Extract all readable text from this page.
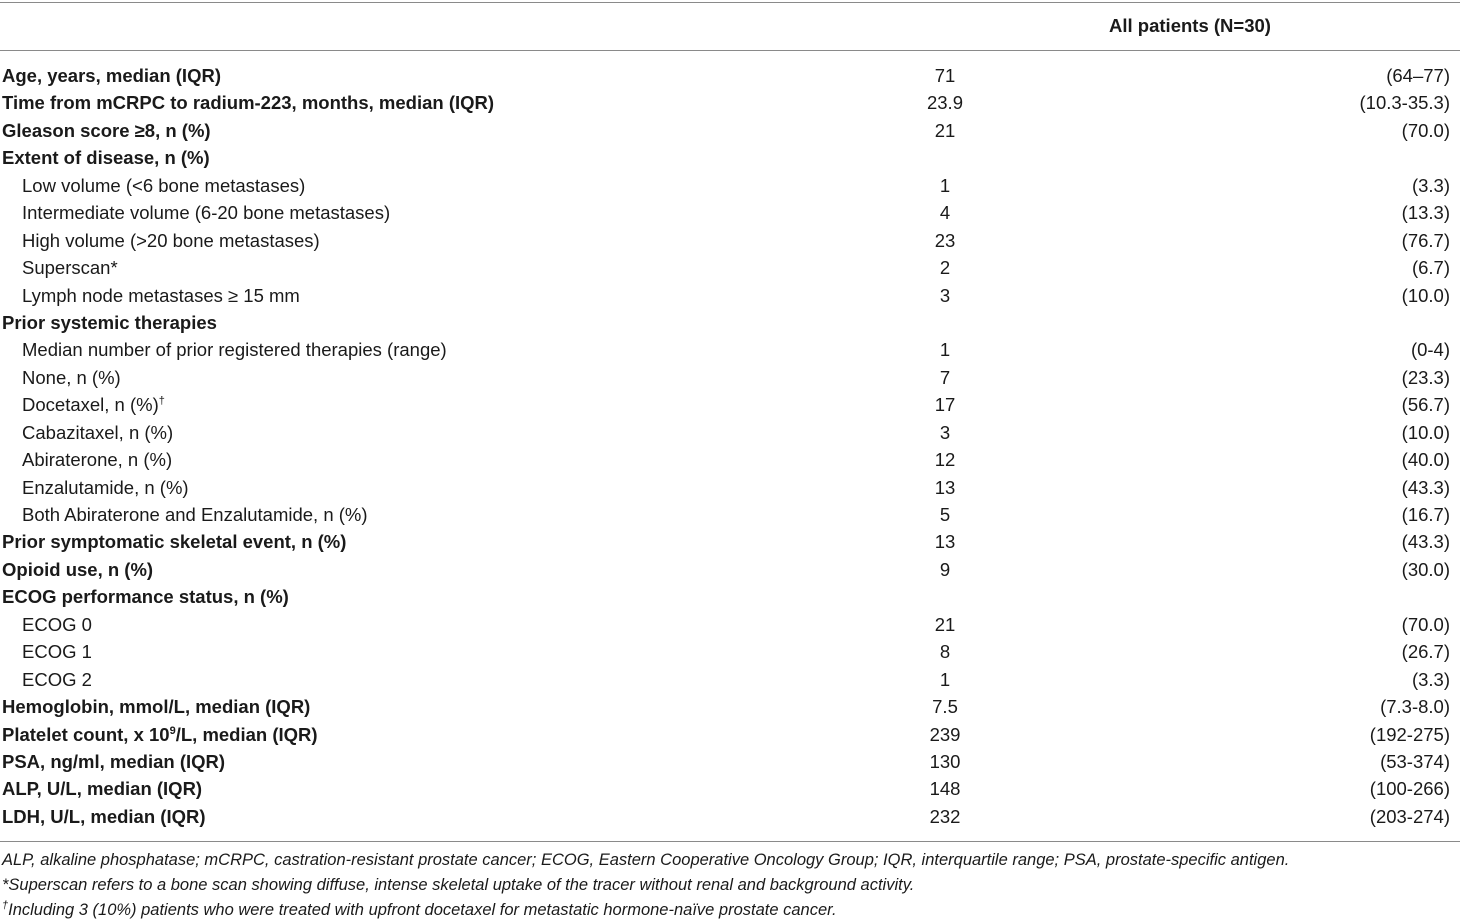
All patients (N=30)
Age, years, median (IQR)	71	(64–77)
Time from mCRPC to radium-223, months, median (IQR)	23.9	(10.3-35.3)
Gleason score ≥8, n (%)	21	(70.0)
Extent of disease, n (%)
Low volume (<6 bone metastases)	1	(3.3)
Intermediate volume (6-20 bone metastases)	4	(13.3)
High volume (>20 bone metastases)	23	(76.7)
Superscan*	2	(6.7)
Lymph node metastases ≥ 15 mm	3	(10.0)
Prior systemic therapies
Median number of prior registered therapies (range)	1	(0-4)
None, n (%)	7	(23.3)
Docetaxel, n (%)†	17	(56.7)
Cabazitaxel, n (%)	3	(10.0)
Abiraterone, n (%)	12	(40.0)
Enzalutamide, n (%)	13	(43.3)
Both Abiraterone and Enzalutamide, n (%)	5	(16.7)
Prior symptomatic skeletal event, n (%)	13	(43.3)
Opioid use, n (%)	9	(30.0)
ECOG performance status, n (%)
ECOG 0	21	(70.0)
ECOG 1	8	(26.7)
ECOG 2	1	(3.3)
Hemoglobin, mmol/L, median (IQR)	7.5	(7.3-8.0)
Platelet count, x $10^9/L$, median (IQR)	239	(192-275)
PSA, ng/ml, median (IQR)	130	(53-374)
ALP, U/L, median (IQR)	148	(100-266)
LDH, U/L, median (IQR)	232	(203-274)
ALP, alkaline phosphatase; mCRPC, castration-resistant prostate cancer; ECOG, Eastern Cooperative Oncology Group; IQR, interquartile range; PSA, prostate-specific antigen.
*Superscan refers to a bone scan showing diffuse, intense skeletal uptake of the tracer without renal and background activity.
†Including 3 (10%) patients who were treated with upfront docetaxel for metastatic hormone-naïve prostate cancer.
